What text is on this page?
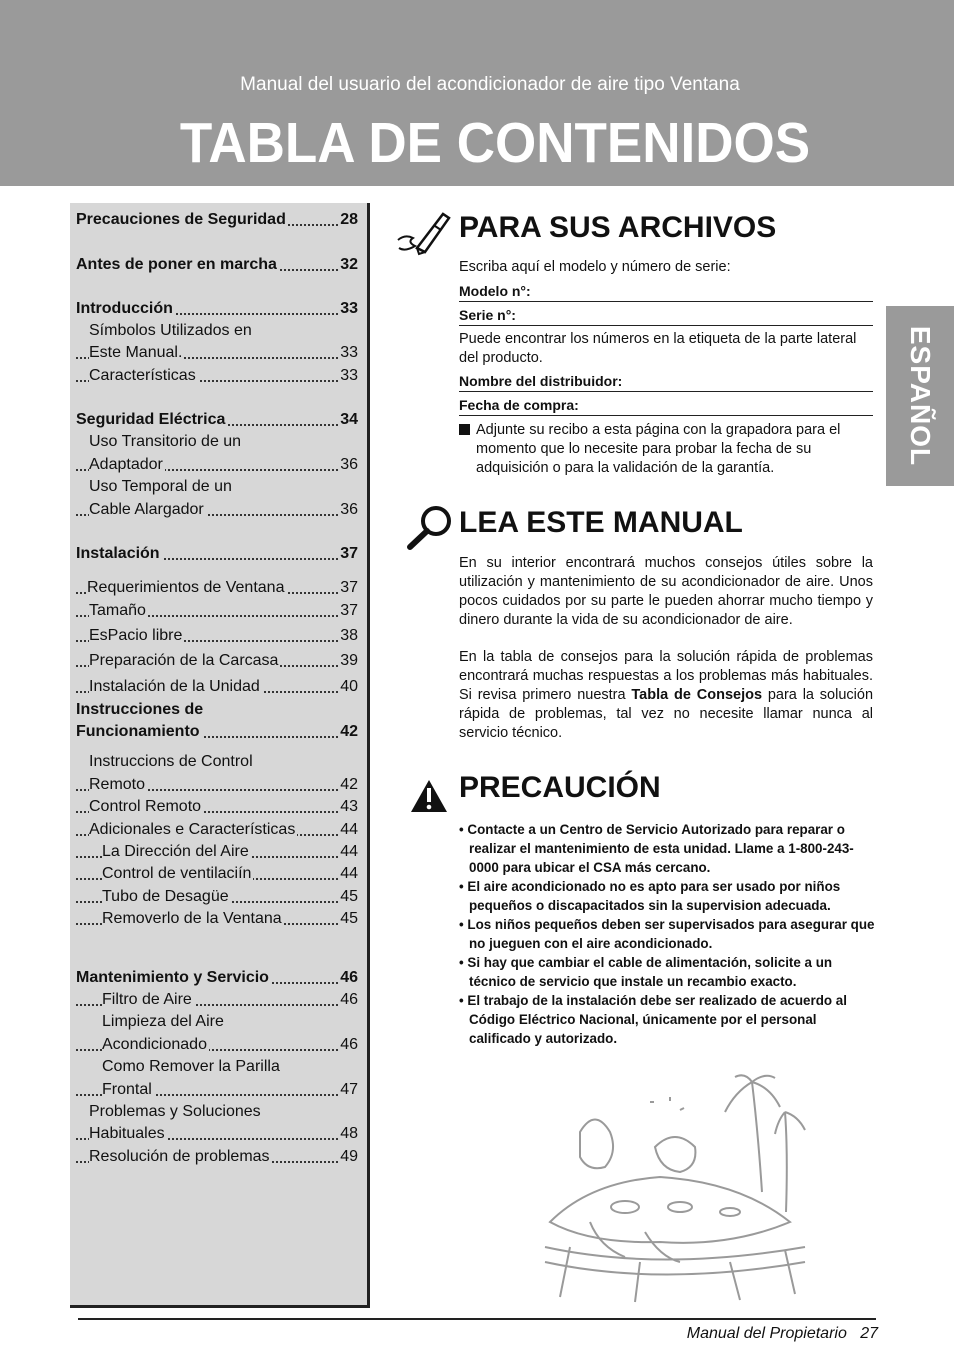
Manual del usuario del acondicionador de aire tipo Ventana
TABLA DE CONTENIDOS
ESPAÑOL
Precauciones de Seguridad	28
Antes de poner en marcha	32
Introducción	33
Símbolos Utilizados en
Este Manual.	33
Características	33
Seguridad Eléctrica	34
Uso Transitorio de un
Adaptador	36
Uso Temporal de un
Cable Alargador	36
Instalación	37
Requerimientos de Ventana	37
Tamaño	37
EsPacio libre	38
Preparación de la Carcasa	39
Instalación de la Unidad	40
Instrucciones de
Funcionamiento	42
Instruccions de Control
Remoto	42
Control Remoto	43
Adicionales e Características	44
La Dirección del Aire	44
Control de ventilaciín	44
Tubo de Desagüe	45
Removerlo de la Ventana	45
Mantenimiento y Servicio	46
Filtro de Aire	46
Limpieza del Aire
Acondicionado	46
Como Remover la Parilla
Frontal	47
Problemas y Soluciones
Habituales	48
Resolución de problemas	49
PARA SUS ARCHIVOS
Escriba aquí el modelo y número de serie:
Modelo n°:
Serie n°:
Puede encontrar los números en la etiqueta de la parte lateral del producto.
Nombre del distribuidor:
Fecha de compra:
Adjunte su recibo a esta página con la grapadora para el momento que lo necesite para probar la fecha de su adquisición o para la validación de la garantía.
LEA ESTE MANUAL
En su interior encontrará muchos consejos útiles sobre la utilización y mantenimiento de su acondicionador de aire. Unos pocos cuidados por su parte le pueden ahorrar mucho tiempo y dinero durante la vida de su acondicionador de aire.
En la tabla de consejos para la solución rápida de problemas encontrará muchas respuestas a los problemas más habituales. Si revisa primero nuestra Tabla de Consejos para la solución rápida de problemas, tal vez no necesite llamar nunca al servicio técnico.
PRECAUCIÓN

• Contacte a un Centro de Servicio Autorizado para reparar o realizar el mantenimiento de esta unidad. Llame a 1-800-243-0000 para ubicar el CSA más cercano.

• El aire acondicionado no es apto para ser usado por niños pequeños o discapacitados sin la supervision adecuada.

• Los niños pequeños deben ser supervisados para asegurar que no jueguen con el aire acondicionado.

• Si hay que cambiar el cable de alimentación, solicite a un técnico de servicio que instale un recambio exacto.

• El trabajo de la instalación debe ser realizado de acuerdo al Código Eléctrico Nacional, únicamente por el personal calificado y autorizado.

Manual del Propietario   27
